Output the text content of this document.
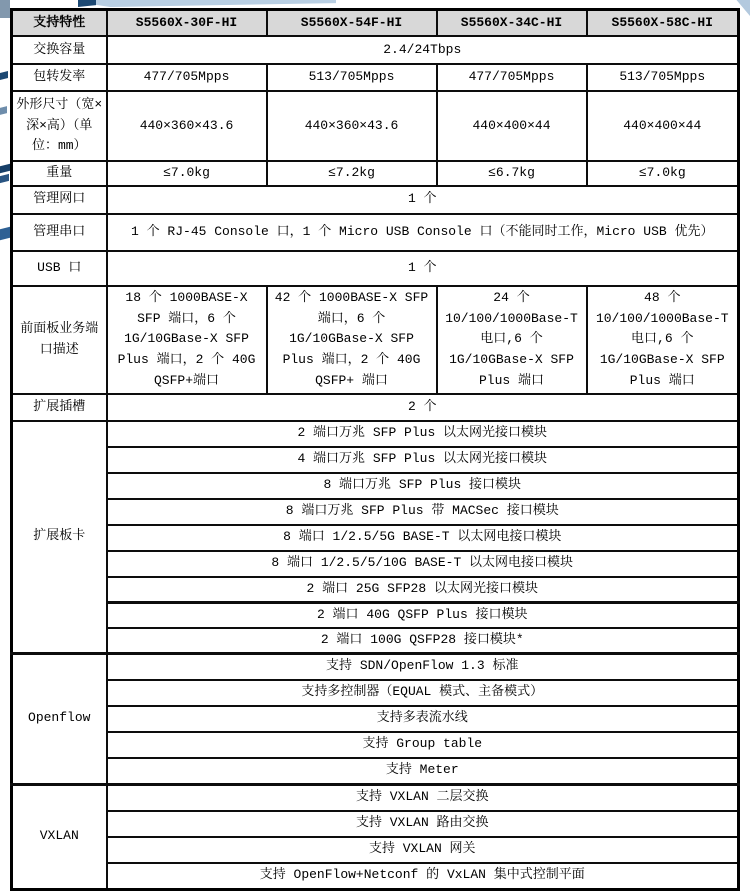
支持特性	S5560X-30F-HI	S5560X-54F-HI	S5560X-34C-HI	S5560X-58C-HI
交换容量	2.4/24Tbps			
包转发率	477/705Mpps	513/705Mpps	477/705Mpps	513/705Mpps
外形尺寸（宽×深×高）（单位：mm）	440×360×43.6	440×360×43.6	440×400×44	440×400×44
重量	≤7.0kg	≤7.2kg	≤6.7kg	≤7.0kg
管理网口	1 个			
管理串口	1 个 RJ-45 Console 口，1 个 Micro USB Console 口（不能同时工作，Micro USB 优先）			
USB 口	1 个			
前面板业务端口描述	18 个 1000BASE-X SFP 端口，6 个 1G/10GBase-X SFP Plus 端口，2 个 40G QSFP+端口	42 个 1000BASE-X SFP 端口，6 个 1G/10GBase-X SFP Plus 端口，2 个 40G QSFP+ 端口	24 个 10/100/1000Base-T 电口,6 个 1G/10GBase-X SFP Plus 端口	48 个 10/100/1000Base-T 电口,6 个 1G/10GBase-X SFP Plus 端口
扩展插槽	2 个			
扩展板卡	2 端口万兆 SFP Plus 以太网光接口模块			
	4 端口万兆 SFP Plus 以太网光接口模块			
	8 端口万兆 SFP Plus 接口模块			
	8 端口万兆 SFP Plus 带 MACSec 接口模块			
	8 端口 1/2.5/5G BASE-T 以太网电接口模块			
	8 端口 1/2.5/5/10G BASE-T 以太网电接口模块			
	2 端口 25G SFP28 以太网光接口模块			
	2 端口 40G QSFP Plus 接口模块			
	2 端口 100G QSFP28 接口模块*			
Openflow	支持 SDN/OpenFlow 1.3 标准			
	支持多控制器（EQUAL 模式、主备模式）			
	支持多表流水线			
	支持 Group table			
	支持 Meter			
VXLAN	支持 VXLAN 二层交换			
	支持 VXLAN 路由交换			
	支持 VXLAN 网关			
	支持 OpenFlow+Netconf 的 VxLAN 集中式控制平面			
